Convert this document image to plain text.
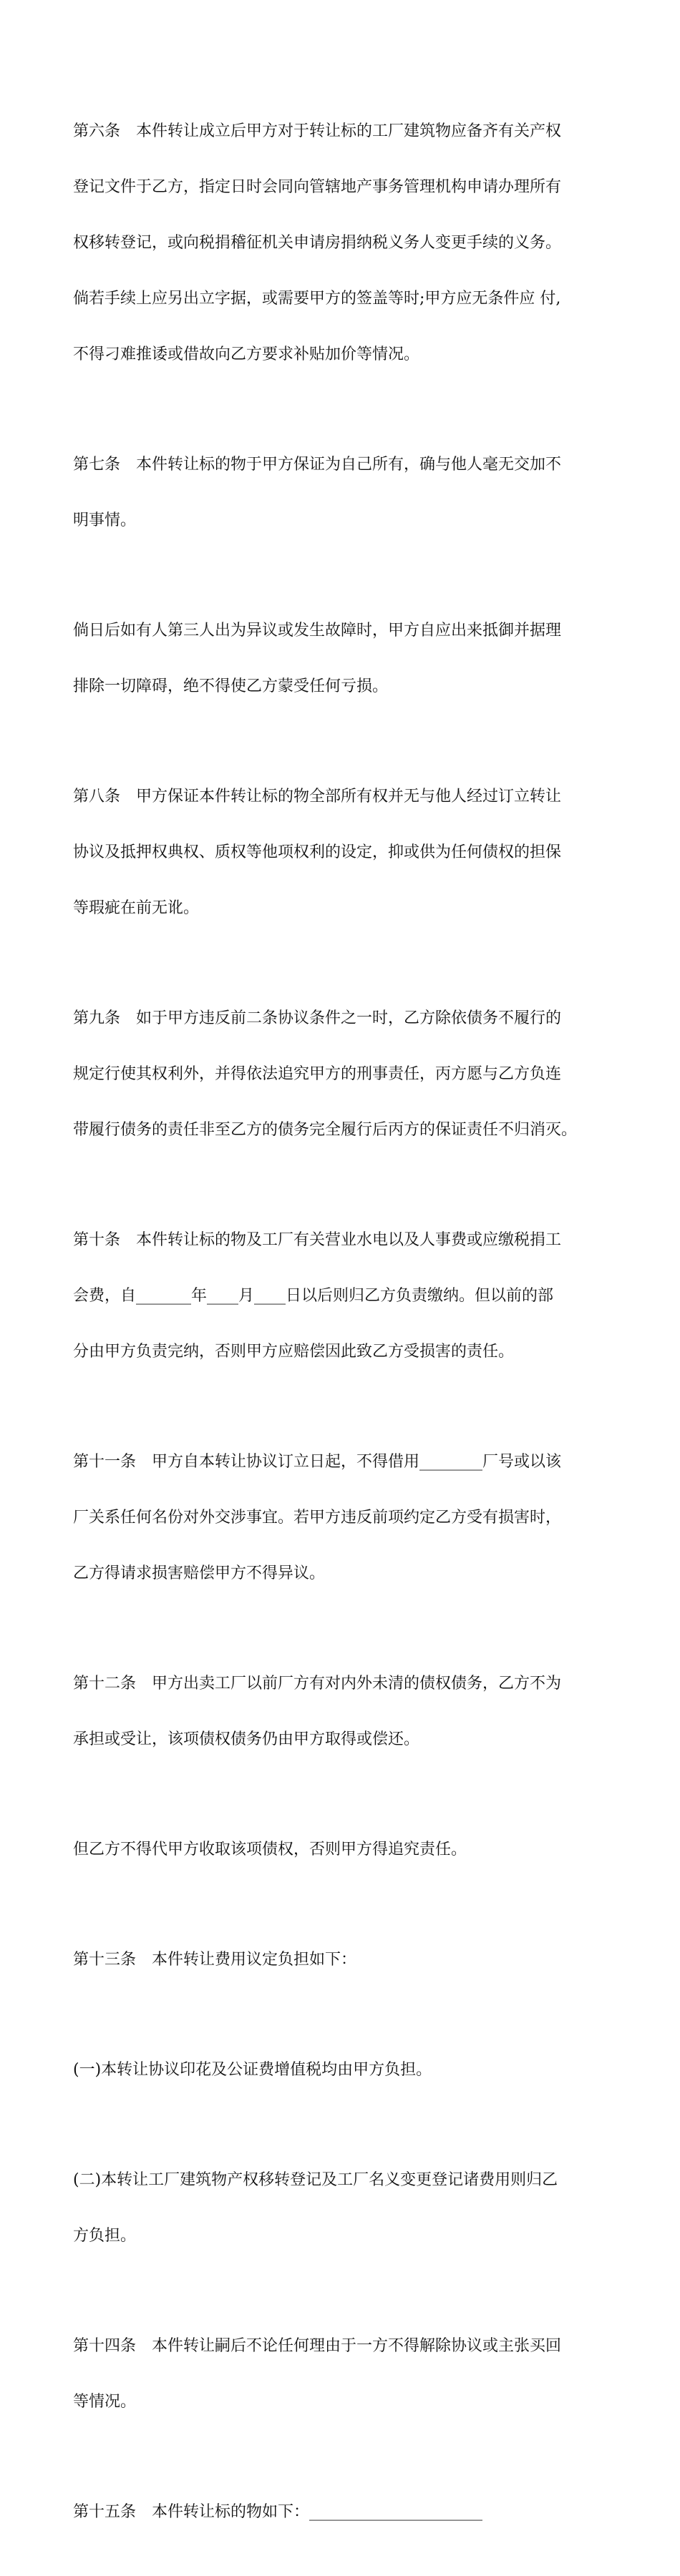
第六条　本件转让成立后甲方对于转让标的工厂建筑物应备齐有关产权

登记文件于乙方，指定日时会同向管辖地产事务管理机构申请办理所有

权移转登记，或向税捐稽征机关申请房捐纳税义务人变更手续的义务。

倘若手续上应另出立字据，或需要甲方的签盖等时;甲方应无条件应 付,

不得刁难推诿或借故向乙方要求补贴加价等情况。

第七条　本件转让标的物于甲方保证为自己所有，确与他人毫无交加不

明事情。

倘日后如有人第三人出为异议或发生故障时，甲方自应出来抵御并据理

排除一切障碍，绝不得使乙方蒙受任何亏损。

第八条　甲方保证本件转让标的物全部所有权并无与他人经过订立转让

协议及抵押权典权、质权等他项权利的设定，抑或供为任何债权的担保

等瑕疵在前无讹。

第九条　如于甲方违反前二条协议条件之一时，乙方除依债务不履行的

规定行使其权利外，并得依法追究甲方的刑事责任，丙方愿与乙方负连

带履行债务的责任非至乙方的债务完全履行后丙方的保证责任不归消灭。

第十条　本件转让标的物及工厂有关营业水电以及人事费或应缴税捐工

会费，自_______年____月____日以后则归乙方负责缴纳。但以前的部

分由甲方负责完纳，否则甲方应赔偿因此致乙方受损害的责任。

第十一条　甲方自本转让协议订立日起，不得借用________厂号或以该

厂关系任何名份对外交涉事宜。若甲方违反前项约定乙方受有损害时，

乙方得请求损害赔偿甲方不得异议。

第十二条　甲方出卖工厂以前厂方有对内外未清的债权债务，乙方不为

承担或受让，该项债权债务仍由甲方取得或偿还。

但乙方不得代甲方收取该项债权，否则甲方得追究责任。

第十三条　本件转让费用议定负担如下：

(一)本转让协议印花及公证费增值税均由甲方负担。

(二)本转让工厂建筑物产权移转登记及工厂名义变更登记诸费用则归乙

方负担。

第十四条　本件转让嗣后不论任何理由于一方不得解除协议或主张买回

等情况。

第十五条　本件转让标的物如下：______________________
